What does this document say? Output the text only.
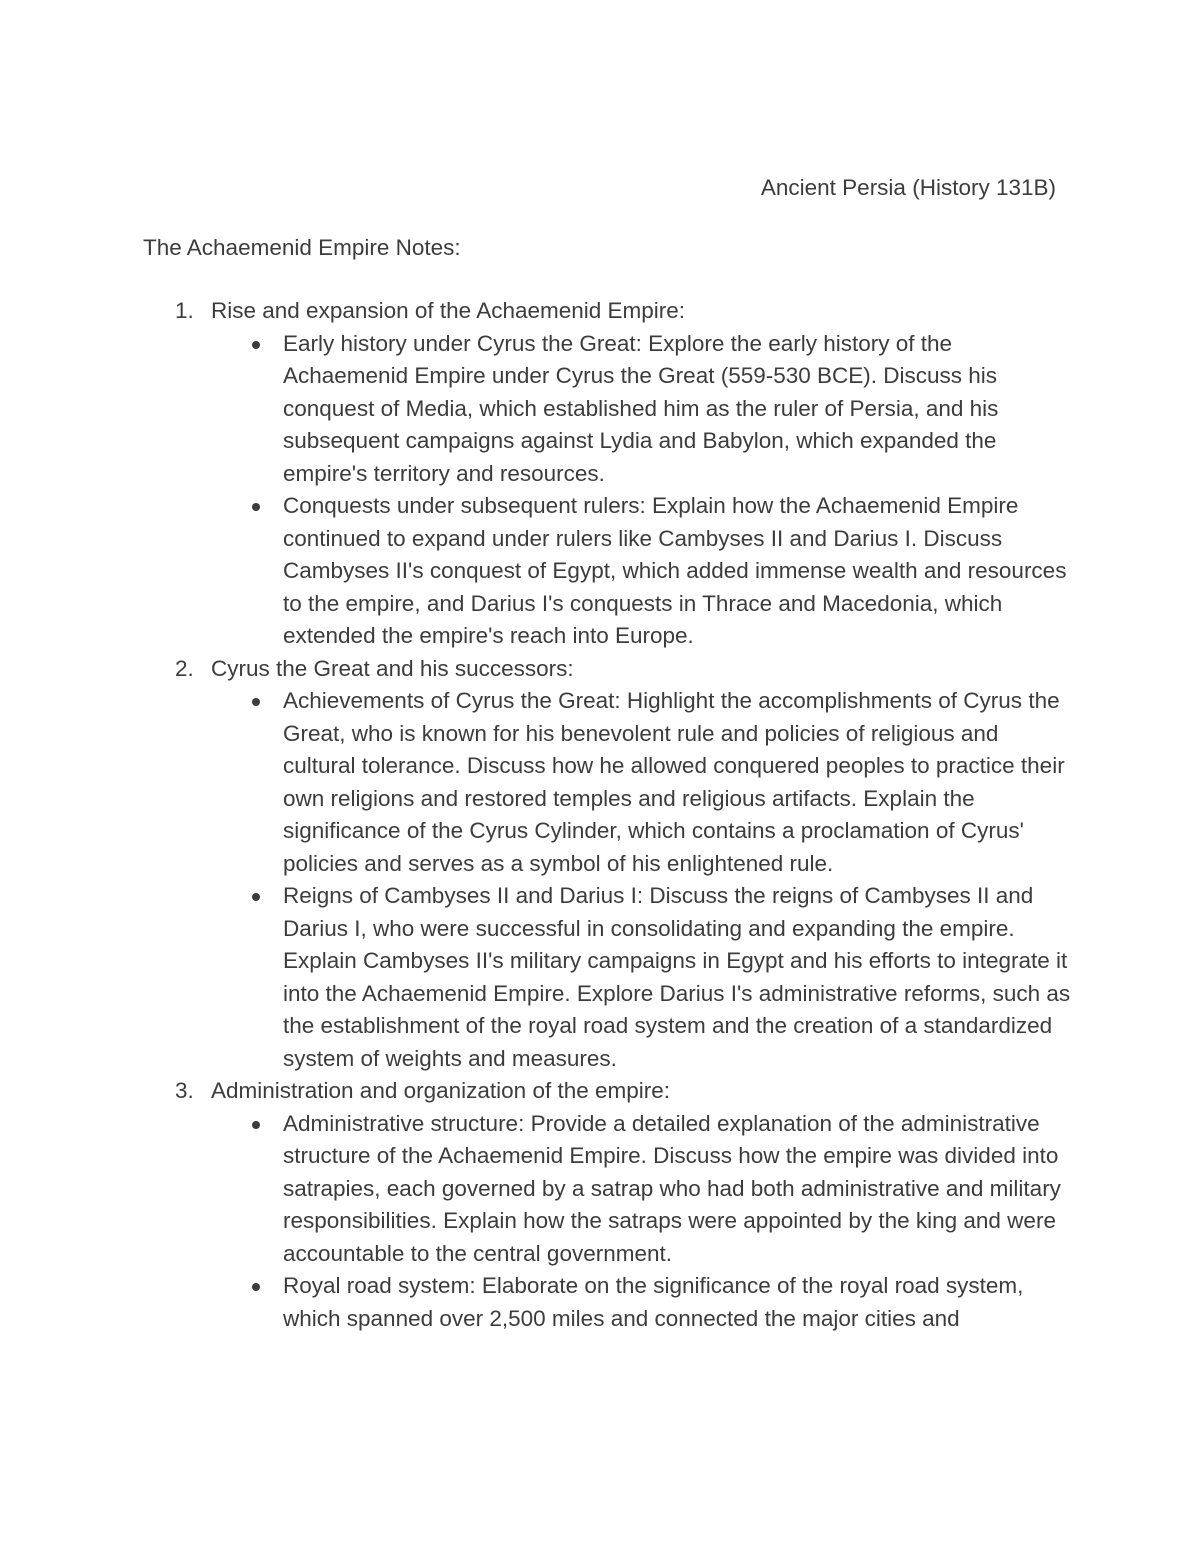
Ancient Persia (History 131B)
The Achaemenid Empire Notes:
1. Rise and expansion of the Achaemenid Empire:
Early history under Cyrus the Great: Explore the early history of the Achaemenid Empire under Cyrus the Great (559-530 BCE). Discuss his conquest of Media, which established him as the ruler of Persia, and his subsequent campaigns against Lydia and Babylon, which expanded the empire's territory and resources.
Conquests under subsequent rulers: Explain how the Achaemenid Empire continued to expand under rulers like Cambyses II and Darius I. Discuss Cambyses II's conquest of Egypt, which added immense wealth and resources to the empire, and Darius I's conquests in Thrace and Macedonia, which extended the empire's reach into Europe.
2. Cyrus the Great and his successors:
Achievements of Cyrus the Great: Highlight the accomplishments of Cyrus the Great, who is known for his benevolent rule and policies of religious and cultural tolerance. Discuss how he allowed conquered peoples to practice their own religions and restored temples and religious artifacts. Explain the significance of the Cyrus Cylinder, which contains a proclamation of Cyrus' policies and serves as a symbol of his enlightened rule.
Reigns of Cambyses II and Darius I: Discuss the reigns of Cambyses II and Darius I, who were successful in consolidating and expanding the empire. Explain Cambyses II's military campaigns in Egypt and his efforts to integrate it into the Achaemenid Empire. Explore Darius I's administrative reforms, such as the establishment of the royal road system and the creation of a standardized system of weights and measures.
3. Administration and organization of the empire:
Administrative structure: Provide a detailed explanation of the administrative structure of the Achaemenid Empire. Discuss how the empire was divided into satrapies, each governed by a satrap who had both administrative and military responsibilities. Explain how the satraps were appointed by the king and were accountable to the central government.
Royal road system: Elaborate on the significance of the royal road system, which spanned over 2,500 miles and connected the major cities and
